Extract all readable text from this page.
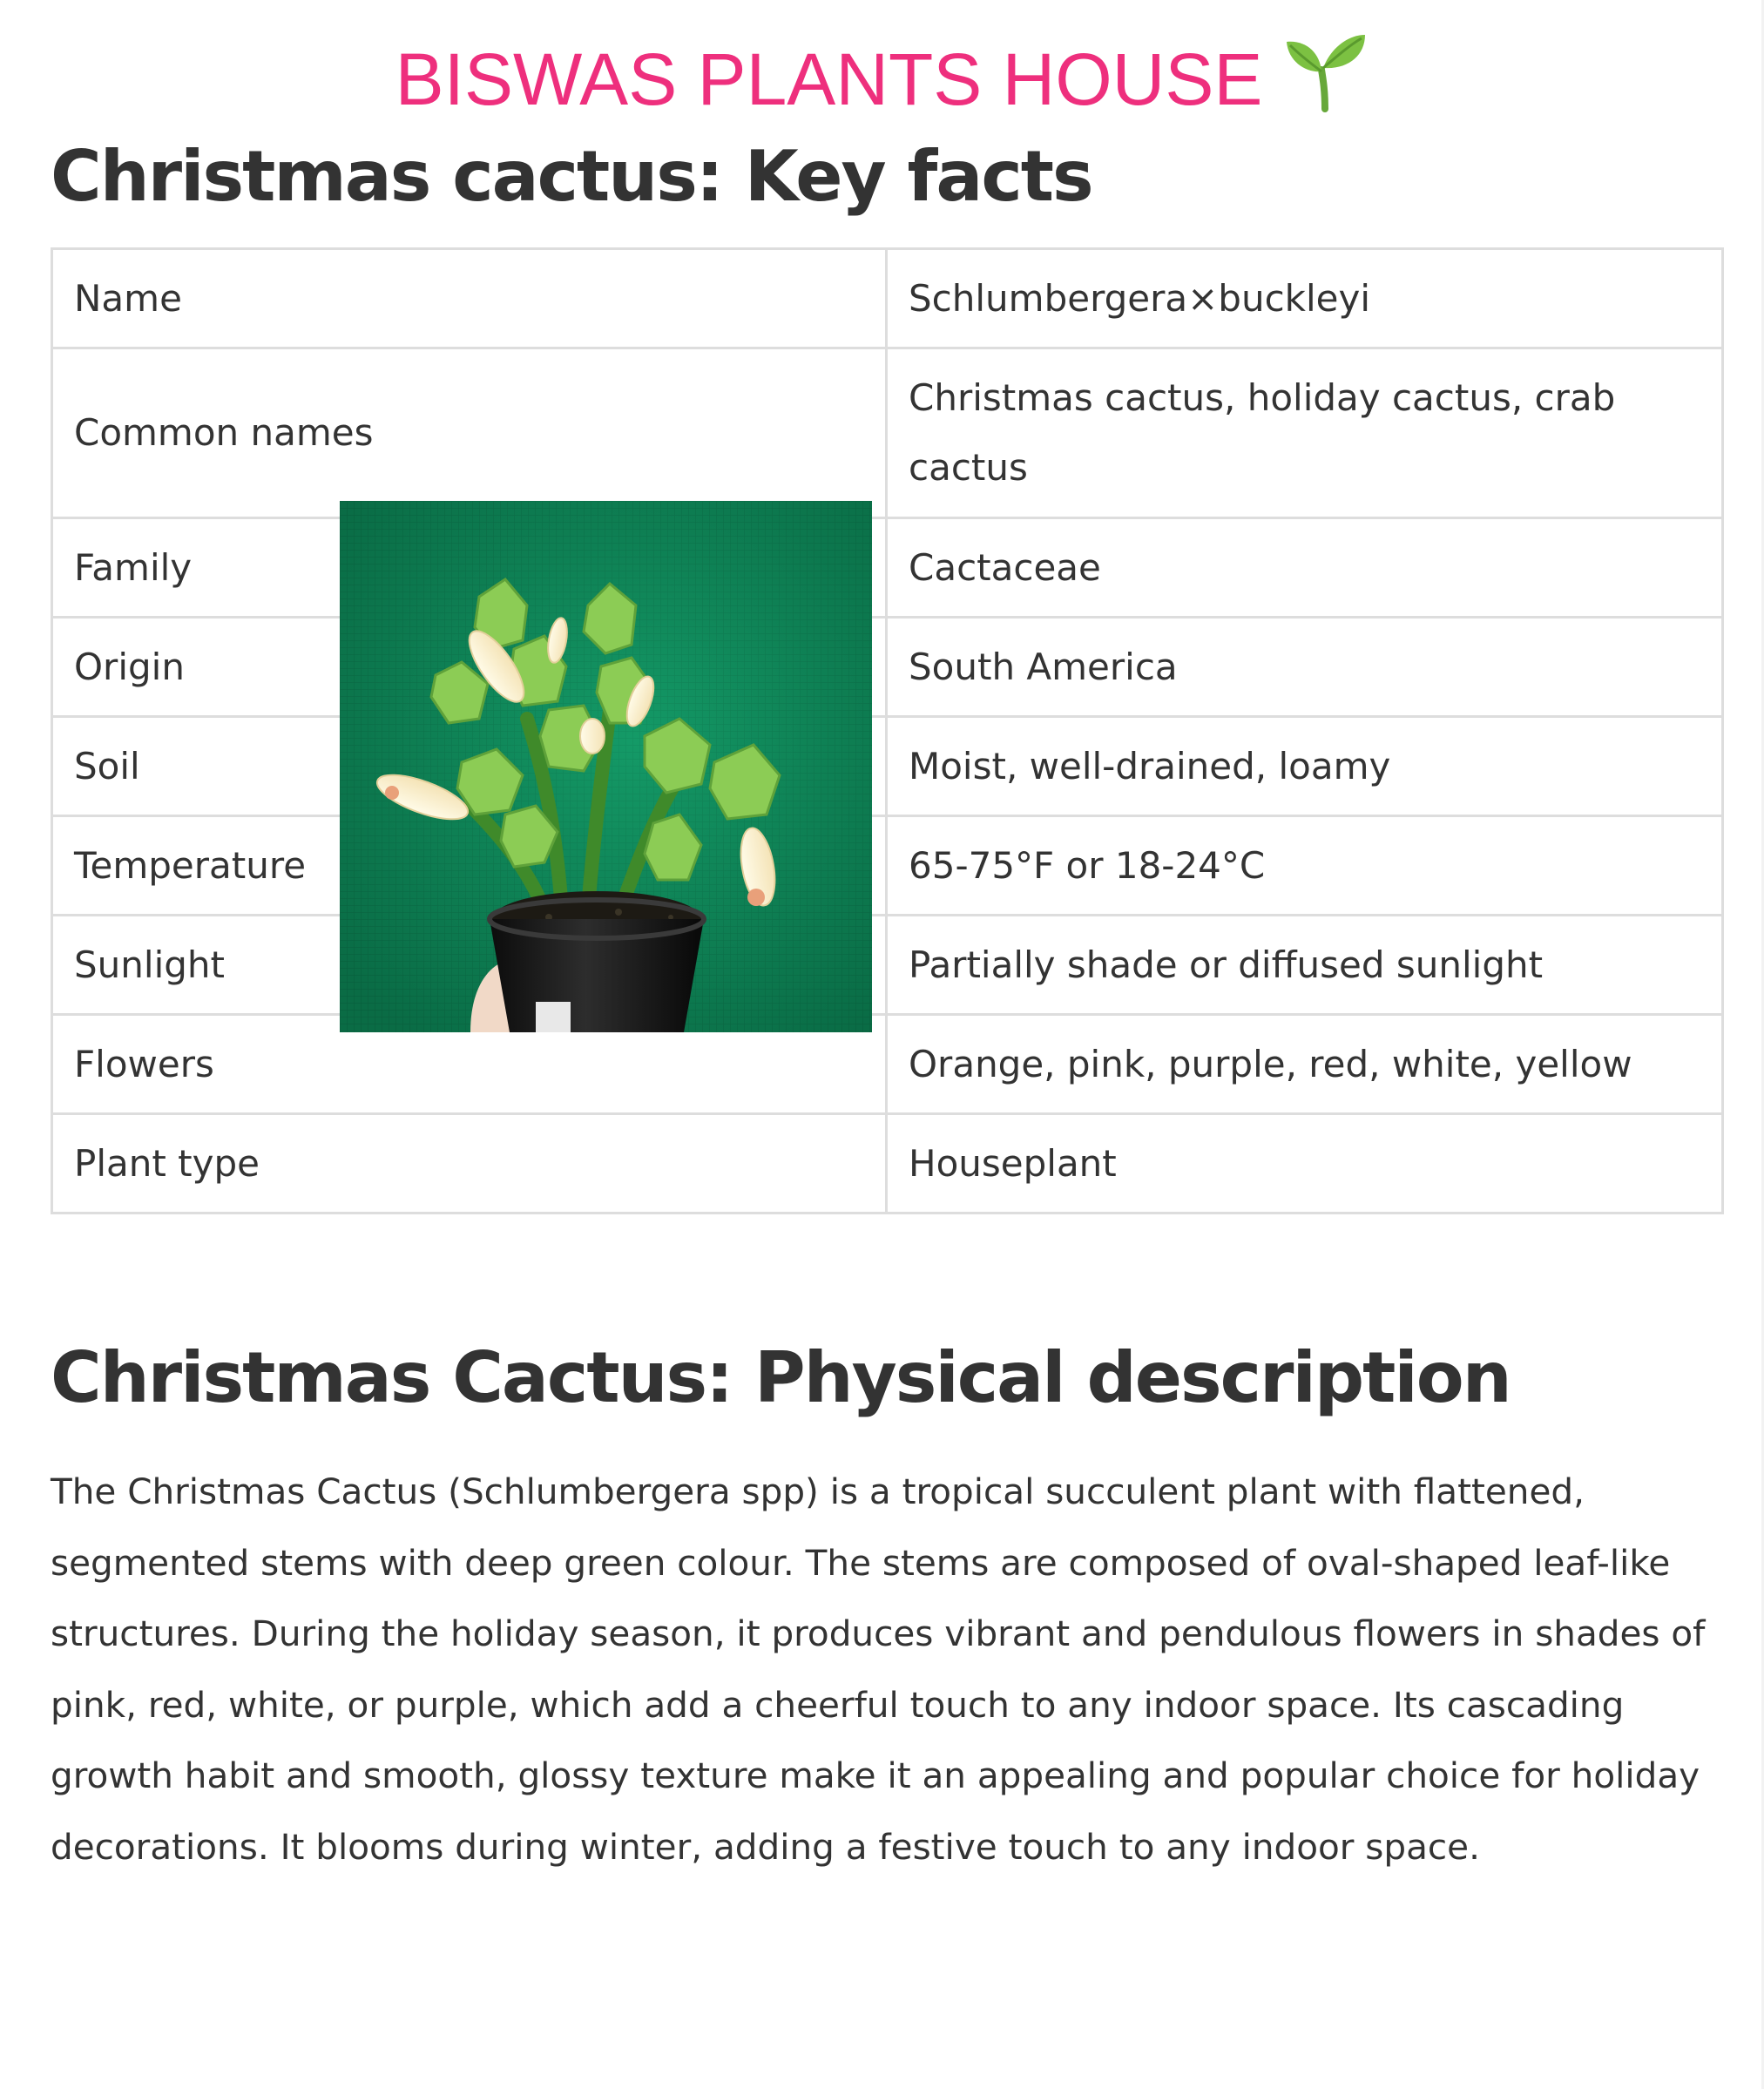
BISWAS PLANTS HOUSE
Christmas cactus: Key facts
Name	Schlumbergera×buckleyi
Common names	Christmas cactus, holiday cactus, crab cactus
Family	Cactaceae
Origin	South America
Soil	Moist, well-drained, loamy
Temperature	65-75°F or 18-24°C
Sunlight	Partially shade or diffused sunlight
Flowers	Orange, pink, purple, red, white, yellow
Plant type	Houseplant
Christmas Cactus: Physical description

The Christmas Cactus (Schlumbergera spp) is a tropical succulent plant with flattened, segmented stems with deep green colour. The stems are composed of oval-shaped leaf-like structures. During the holiday season, it produces vibrant and pendulous flowers in shades of pink, red, white, or purple, which add a cheerful touch to any indoor space. Its cascading growth habit and smooth, glossy texture make it an appealing and popular choice for holiday decorations. It blooms during winter, adding a festive touch to any indoor space.
